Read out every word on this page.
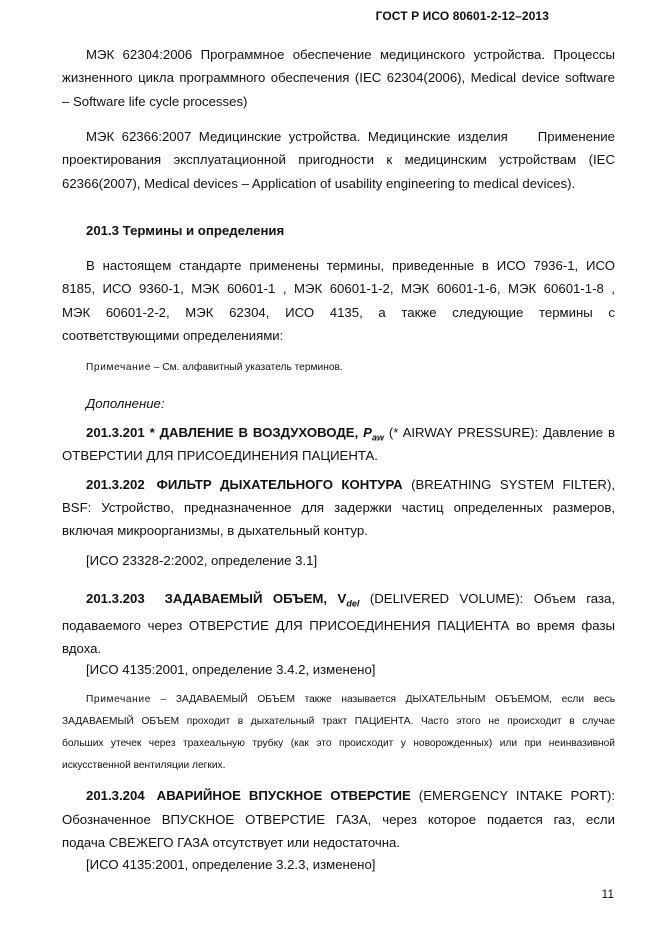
ГОСТ Р ИСО 80601-2-12–2013
МЭК 62304:2006 Программное обеспечение медицинского устройства. Процессы
жизненного цикла программного обеспечения (IEC 62304(2006), Medical device software
– Software life cycle processes)
МЭК 62366:2007 Медицинские устройства. Медицинские изделия    Применение
проектирования эксплуатационной пригодности к медицинским устройствам (IEC
62366(2007), Medical devices – Application of usability engineering to medical devices).
201.3 Термины и определения
В настоящем стандарте применены термины, приведенные в ИСО 7936-1, ИСО
8185, ИСО 9360-1, МЭК 60601-1 , МЭК 60601-1-2, МЭК 60601-1-6, МЭК 60601-1-8 ,
МЭК 60601-2-2, МЭК 62304, ИСО 4135, а также следующие термины с
соответствующими определениями:
Примечание – См. алфавитный указатель терминов.
Дополнение:
201.3.201 * ДАВЛЕНИЕ В ВОЗДУХОВОДЕ, $P_{aw}$ (* AIRWAY PRESSURE): Давление в
ОТВЕРСТИИ ДЛЯ ПРИСОЕДИНЕНИЯ ПАЦИЕНТА.
201.3.202 ФИЛЬТР ДЫХАТЕЛЬНОГО КОНТУРА (BREATHING SYSTEM FILTER),
BSF: Устройство, предназначенное для задержки частиц определенных размеров,
включая микроорганизмы, в дыхательный контур.
[ИСО 23328-2:2002, определение 3.1]
201.3.203 ЗАДАВАЕМЫЙ ОБЪЕМ, $V_{del}$ (DELIVERED VOLUME): Объем газа,
подаваемого через ОТВЕРСТИЕ ДЛЯ ПРИСОЕДИНЕНИЯ ПАЦИЕНТА во время фазы
вдоха.
[ИСО 4135:2001, определение 3.4.2, изменено]
Примечание – ЗАДАВАЕМЫЙ ОБЪЕМ также называется ДЫХАТЕЛЬНЫМ ОБЪЕМОМ, если весь
ЗАДАВАЕМЫЙ ОБЪЕМ проходит в дыхательный тракт ПАЦИЕНТА. Часто этого не происходит в случае
больших утечек через трахеальную трубку (как это происходит у новорожденных) или при неинвазивной
искусственной вентиляции легких.
201.3.204 АВАРИЙНОЕ ВПУСКНОЕ ОТВЕРСТИЕ (EMERGENCY INTAKE PORT):
Обозначенное ВПУСКНОЕ ОТВЕРСТИЕ ГАЗА, через которое подается газ, если
подача СВЕЖЕГО ГАЗА отсутствует или недостаточна.
[ИСО 4135:2001, определение 3.2.3, изменено]
11
